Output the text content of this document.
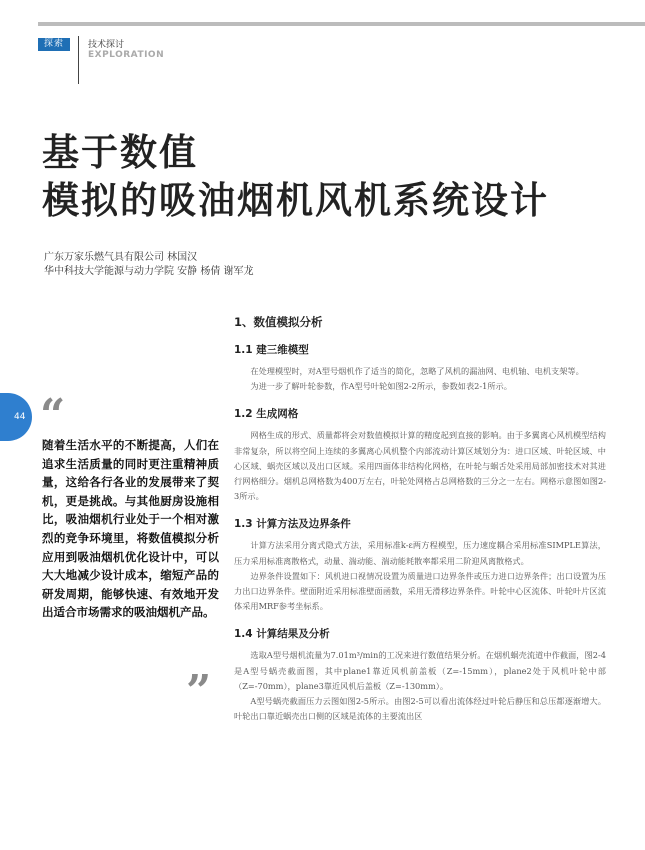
探索	技术探讨
EXPLORATION
基于数值
模拟的吸油烟机风机系统设计
广东万家乐燃气具有限公司 林国汉
华中科技大学能源与动力学院 安静 杨倩 谢军龙
44 “
随着生活水平的不断提高，人们在追求生活质量的同时更注重精神质量，这给各行各业的发展带来了契机，更是挑战。与其他厨房设施相比，吸油烟机行业处于一个相对激烈的竞争环境里，将数值模拟分析应用到吸油烟机优化设计中，可以大大地减少设计成本，缩短产品的研发周期，能够快速、有效地开发出适合市场需求的吸油烟机产品。
”
1、数值模拟分析
1.1 建三维模型

在处理模型时，对A型号烟机作了适当的简化，忽略了风机的漏油网、电机轴、电机支架等。

为进一步了解叶轮参数，作A型号叶轮如图2-2所示，参数如表2-1所示。

1.2 生成网格

网格生成的形式、质量都将会对数值模拟计算的精度起到直接的影响。由于多翼离心风机模型结构非常复杂，所以将空间上连续的多翼离心风机整个内部流动计算区域划分为：进口区域、叶轮区域、中心区域、蜗壳区域以及出口区域。采用四面体非结构化网格，在叶轮与蜗舌处采用局部加密技术对其进行网格细分。烟机总网格数为400万左右，叶轮处网格占总网格数的三分之一左右。网格示意图如图2-3所示。

1.3 计算方法及边界条件

计算方法采用分离式隐式方法，采用标准k-ε两方程模型，压力速度耦合采用标准SIMPLE算法，压力采用标准离散格式，动量、湍动能、湍动能耗散率都采用二阶迎风离散格式。

边界条件设置如下：风机进口视情况设置为质量进口边界条件或压力进口边界条件；出口设置为压力出口边界条件。壁面附近采用标准壁面函数，采用无滑移边界条件。叶轮中心区流体、叶轮叶片区流体采用MRF参考坐标系。

1.4 计算结果及分析

选取A型号烟机流量为7.01m³/min的工况来进行数值结果分析。在烟机蜗壳流道中作截面，图2-4是A型号蜗壳截面图，其中plane1靠近风机前盖板（Z=-15mm），plane2处于风机叶轮中部（Z=-70mm），plane3靠近风机后盖板（Z=-130mm）。

A型号蜗壳截面压力云图如图2-5所示。由图2-5可以看出流体经过叶轮后静压和总压都逐渐增大。叶轮出口靠近蜗壳出口侧的区域是流体的主要流出区
